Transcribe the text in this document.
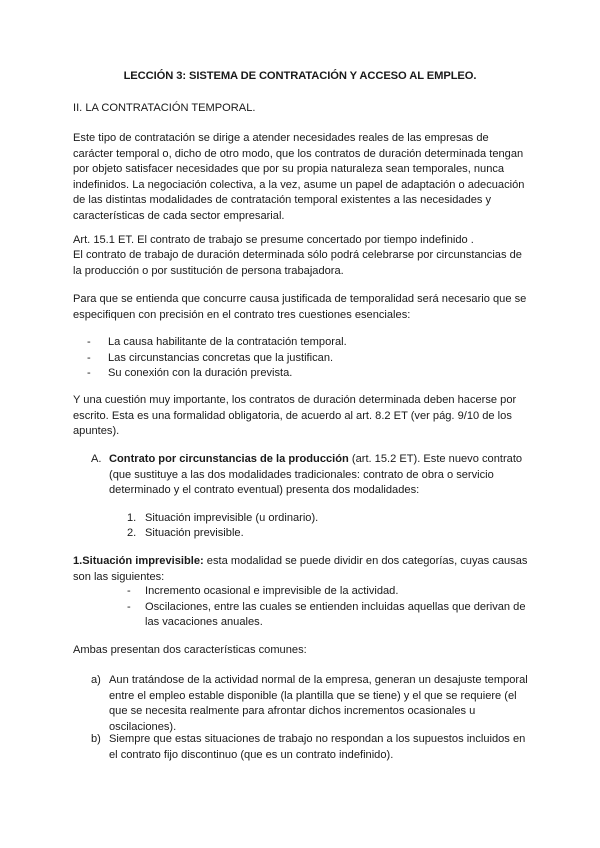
LECCIÓN 3: SISTEMA DE CONTRATACIÓN Y ACCESO AL EMPLEO.

II. LA CONTRATACIÓN TEMPORAL.

Este tipo de contratación se dirige a atender necesidades reales de las empresas de carácter temporal o, dicho de otro modo, que los contratos de duración determinada tengan por objeto satisfacer necesidades que por su propia naturaleza sean temporales, nunca indefinidos. La negociación colectiva, a la vez, asume un papel de adaptación o adecuación de las distintas modalidades de contratación temporal existentes a las necesidades y características de cada sector empresarial.

Art. 15.1 ET. El contrato de trabajo se presume concertado por tiempo indefinido .

El contrato de trabajo de duración determinada sólo podrá celebrarse por circunstancias de la producción o por sustitución de persona trabajadora.

Para que se entienda que concurre causa justificada de temporalidad será necesario que se especifiquen con precisión en el contrato tres cuestiones esenciales:

- La causa habilitante de la contratación temporal.
- Las circunstancias concretas que la justifican.
- Su conexión con la duración prevista.

Y una cuestión muy importante, los contratos de duración determinada deben hacerse por escrito. Esta es una formalidad obligatoria, de acuerdo al art. 8.2 ET (ver pág. 9/10 de los apuntes).

A. Contrato por circunstancias de la producción (art. 15.2 ET). Este nuevo contrato (que sustituye a las dos modalidades tradicionales: contrato de obra o servicio determinado y el contrato eventual) presenta dos modalidades:

1. Situación imprevisible (u ordinario).

2. Situación previsible.

1.Situación imprevisible: esta modalidad se puede dividir en dos categorías, cuyas causas son las siguientes:

- Incremento ocasional e imprevisible de la actividad.
- Oscilaciones, entre las cuales se entienden incluidas aquellas que derivan de las vacaciones anuales.

Ambas presentan dos características comunes:

a) Aun tratándose de la actividad normal de la empresa, generan un desajuste temporal entre el empleo estable disponible (la plantilla que se tiene) y el que se requiere (el que se necesita realmente para afrontar dichos incrementos ocasionales u oscilaciones).

b) Siempre que estas situaciones de trabajo no respondan a los supuestos incluidos en el contrato fijo discontinuo (que es un contrato indefinido).
